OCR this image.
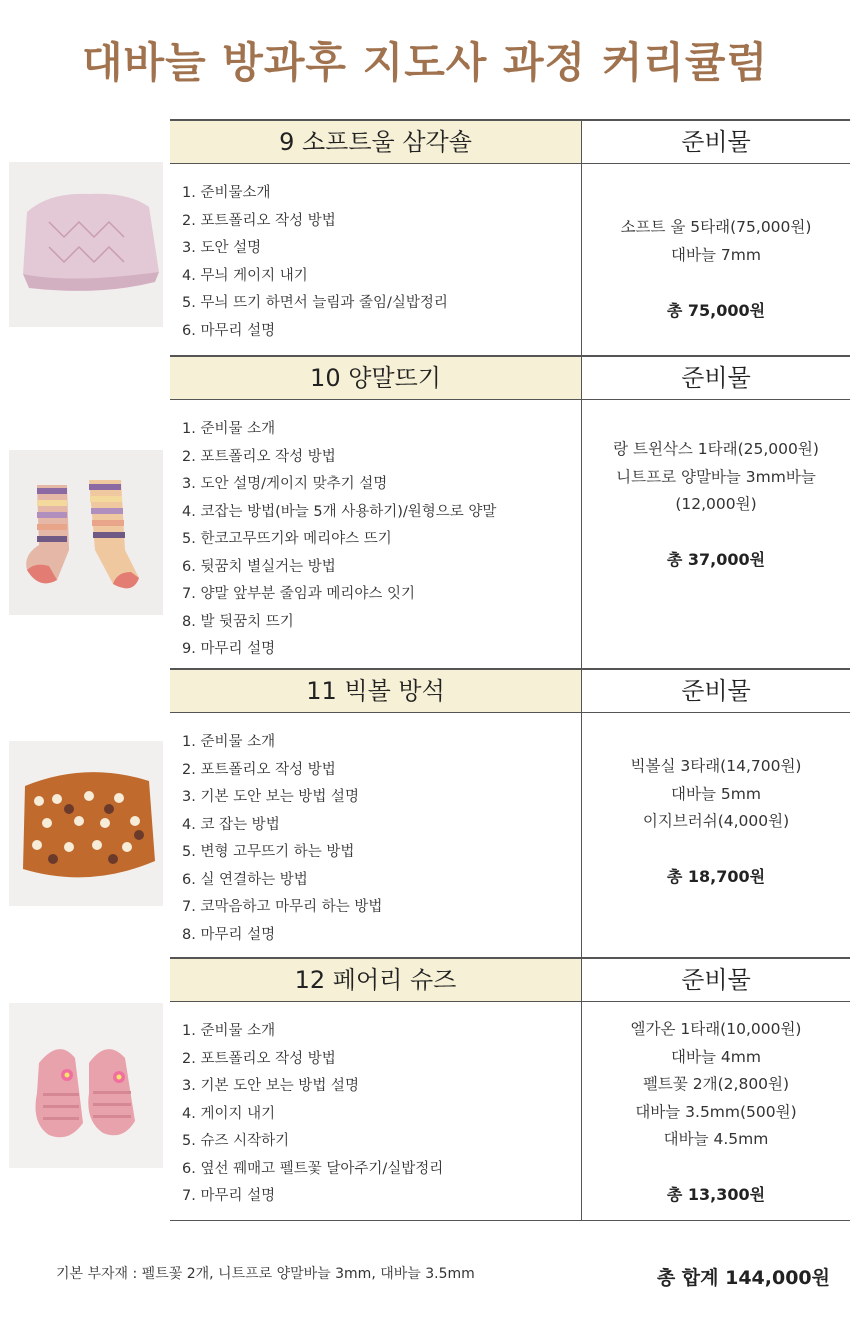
대바늘 방과후 지도사 과정 커리큘럼
9 소프트울 삼각숄	준비물
1. 준비물소개
2. 포트폴리오 작성 방법
3. 도안 설명
4. 무늬 게이지 내기
5. 무늬 뜨기 하면서 늘림과 줄임/실밥정리
6. 마무리 설명
소프트 울 5타래(75,000원)
대바늘 7mm

총 75,000원
10 양말뜨기	준비물
1. 준비물 소개
2. 포트폴리오 작성 방법
3. 도안 설명/게이지 맞추기 설명
4. 코잡는 방법(바늘 5개 사용하기)/원형으로 양말
5. 한코고무뜨기와 메리야스 뜨기
6. 뒷꿈치 별실거는 방법
7. 양말 앞부분 줄임과 메리야스 잇기
8. 발 뒷꿈치 뜨기
9. 마무리 설명
랑 트윈삭스 1타래(25,000원)
니트프로 양말바늘 3mm바늘
(12,000원)

총 37,000원
11 빅볼 방석	준비물
1. 준비물 소개
2. 포트폴리오 작성 방법
3. 기본 도안 보는 방법 설명
4. 코 잡는 방법
5. 변형 고무뜨기 하는 방법
6. 실 연결하는 방법
7. 코막음하고 마무리 하는 방법
8. 마무리 설명
빅볼실 3타래(14,700원)
대바늘 5mm
이지브러쉬(4,000원)

총 18,700원
12 페어리 슈즈	준비물
1. 준비물 소개
2. 포트폴리오 작성 방법
3. 기본 도안 보는 방법 설명
4. 게이지 내기
5. 슈즈 시작하기
6. 옆선 꿰매고 펠트꽃 달아주기/실밥정리
7. 마무리 설명
엘가온 1타래(10,000원)
대바늘 4mm
펠트꽃 2개(2,800원)
대바늘 3.5mm(500원)
대바늘 4.5mm

총 13,300원
기본 부자재 : 펠트꽃 2개, 니트프로 양말바늘 3mm, 대바늘 3.5mm	총 합계 144,000원
